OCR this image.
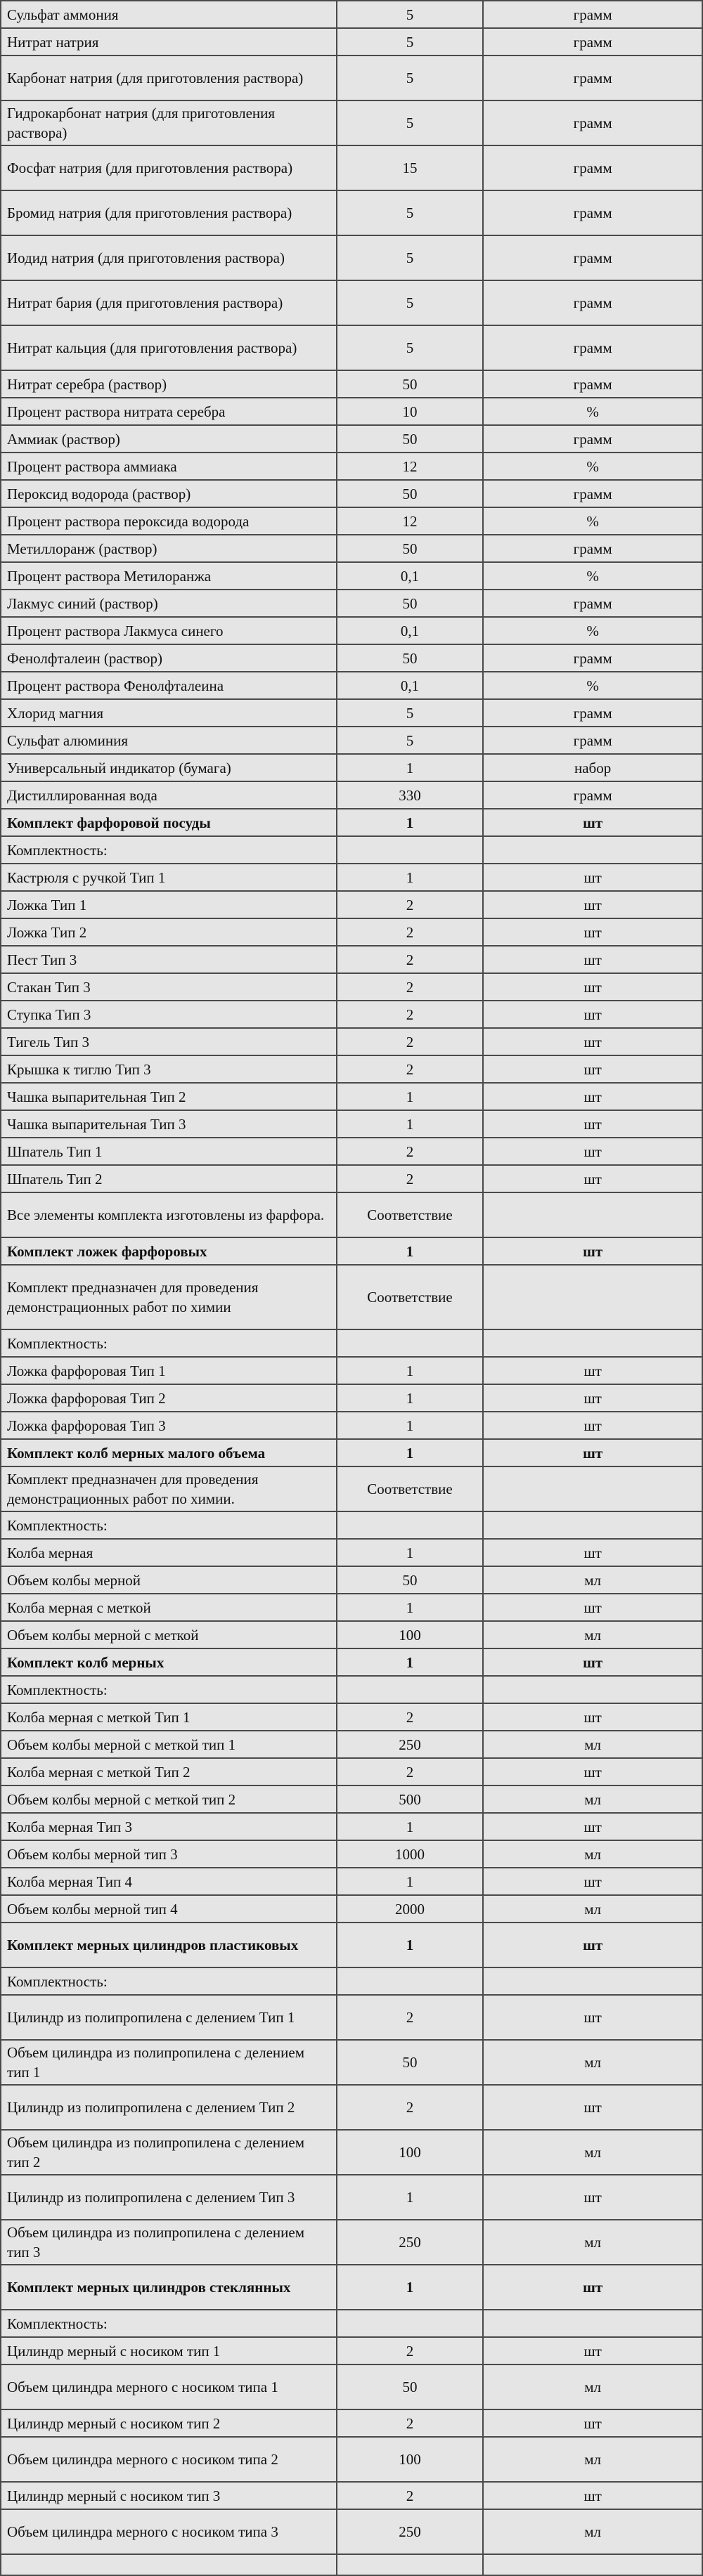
Сульфат аммония	5	грамм
Нитрат натрия	5	грамм
Карбонат натрия (для приготовления раствора)	5	грамм
Гидрокарбонат натрия (для приготовления раствора)	5	грамм
Фосфат натрия (для приготовления раствора)	15	грамм
Бромид натрия (для приготовления раствора)	5	грамм
Иодид натрия (для приготовления раствора)	5	грамм
Нитрат бария (для приготовления раствора)	5	грамм
Нитрат кальция (для приготовления раствора)	5	грамм
Нитрат серебра (раствор)	50	грамм
Процент раствора нитрата серебра	10	%
Аммиак (раствор)	50	грамм
Процент раствора аммиака	12	%
Пероксид водорода (раствор)	50	грамм
Процент раствора пероксида водорода	12	%
Метиллоранж (раствор)	50	грамм
Процент раствора Метилоранжа	0,1	%
Лакмус синий (раствор)	50	грамм
Процент раствора Лакмуса синего	0,1	%
Фенолфталеин (раствор)	50	грамм
Процент раствора Фенолфталеина	0,1	%
Хлорид магния	5	грамм
Сульфат алюминия	5	грамм
Универсальный индикатор (бумага)	1	набор
Дистиллированная вода	330	грамм
Комплект фарфоровой посуды	1	шт
Комплектность:		
Кастрюля с ручкой Тип 1	1	шт
Ложка Тип 1	2	шт
Ложка Тип 2	2	шт
Пест Тип 3	2	шт
Стакан Тип 3	2	шт
Ступка Тип 3	2	шт
Тигель Тип 3	2	шт
Крышка к тиглю Тип 3	2	шт
Чашка выпарительная Тип 2	1	шт
Чашка выпарительная Тип 3	1	шт
Шпатель Тип 1	2	шт
Шпатель Тип 2	2	шт
Все элементы комплекта изготовлены из фарфора.	Соответствие	
Комплект ложек фарфоровых	1	шт
Комплект предназначен для проведения демонстрационных работ по химии	Соответствие	
Комплектность:		
Ложка фарфоровая Тип 1	1	шт
Ложка фарфоровая Тип 2	1	шт
Ложка фарфоровая Тип 3	1	шт
Комплект колб мерных малого объема	1	шт
Комплект предназначен для проведения демонстрационных работ по химии.	Соответствие	
Комплектность:		
Колба мерная	1	шт
Объем колбы мерной	50	мл
Колба мерная с меткой	1	шт
Объем колбы мерной с меткой	100	мл
Комплект колб мерных	1	шт
Комплектность:		
Колба мерная с меткой Тип 1	2	шт
Объем колбы мерной с меткой тип 1	250	мл
Колба мерная с меткой Тип 2	2	шт
Объем колбы мерной с меткой тип 2	500	мл
Колба мерная Тип 3	1	шт
Объем колбы мерной тип 3	1000	мл
Колба мерная Тип 4	1	шт
Объем колбы мерной тип 4	2000	мл
Комплект мерных цилиндров пластиковых	1	шт
Комплектность:		
Цилиндр из полипропилена с делением Тип 1	2	шт
Объем цилиндра из полипропилена с делением тип 1	50	мл
Цилиндр из полипропилена с делением Тип 2	2	шт
Объем цилиндра из полипропилена с делением тип 2	100	мл
Цилиндр из полипропилена с делением Тип 3	1	шт
Объем цилиндра из полипропилена с делением тип 3	250	мл
Комплект мерных цилиндров стеклянных	1	шт
Комплектность:		
Цилиндр мерный с носиком тип 1	2	шт
Объем цилиндра мерного с носиком типа 1	50	мл
Цилиндр мерный с носиком тип 2	2	шт
Объем цилиндра мерного с носиком типа 2	100	мл
Цилиндр мерный с носиком тип 3	2	шт
Объем цилиндра мерного с носиком типа 3	250	мл
